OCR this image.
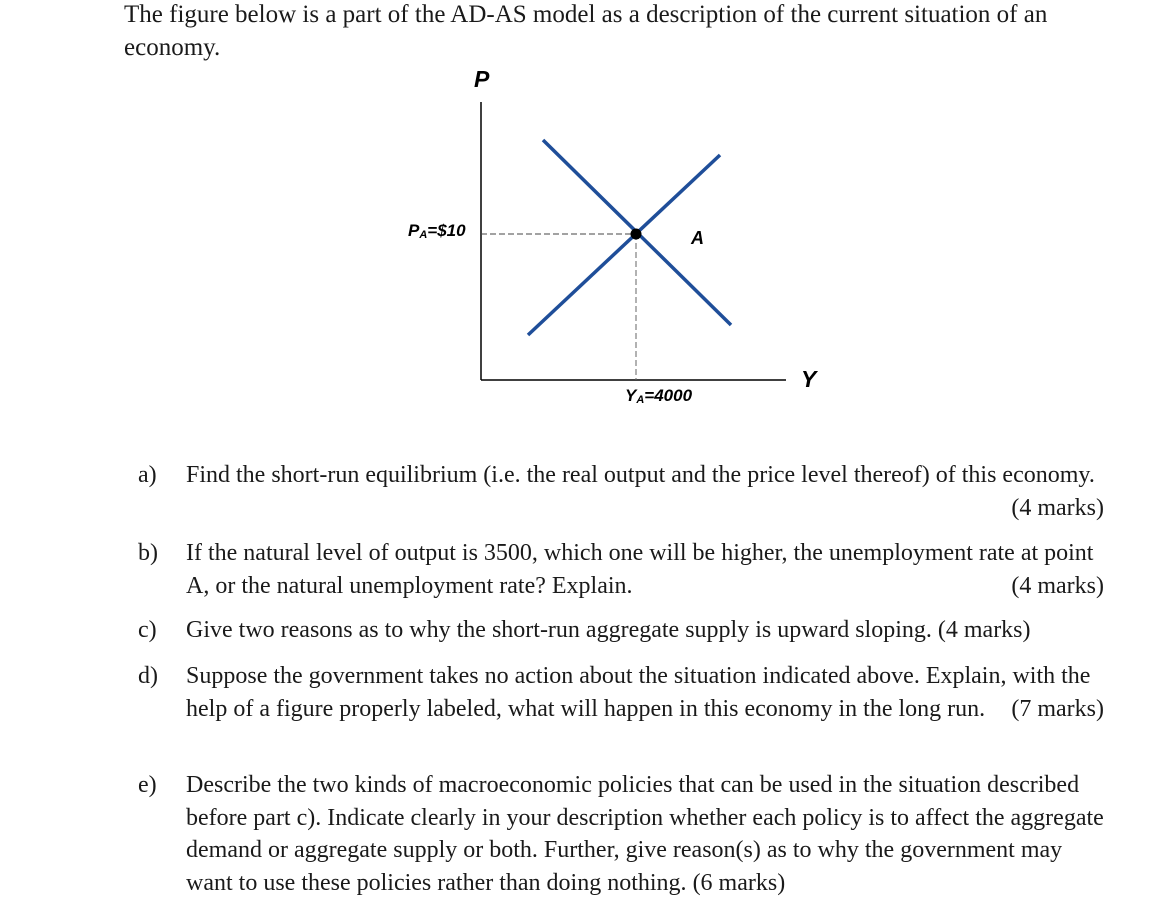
The figure below is a part of the AD-AS model as a description of the current situation of an economy.

P
Y
$P_A=\$10$
$Y_A=4000$
A
a) Find the short-run equilibrium (i.e. the real output and the price level thereof) of this economy.
(4 marks)
b) If the natural level of output is 3500, which one will be higher, the unemployment rate at point A, or the natural unemployment rate? Explain.	(4 marks)
c) Give two reasons as to why the short-run aggregate supply is upward sloping. (4 marks)
d) Suppose the government takes no action about the situation indicated above. Explain, with the help of a figure properly labeled, what will happen in this economy in the long run. (7 marks)
e) Describe the two kinds of macroeconomic policies that can be used in the situation described before part c). Indicate clearly in your description whether each policy is to affect the aggregate demand or aggregate supply or both. Further, give reason(s) as to why the government may want to use these policies rather than doing nothing. (6 marks)
